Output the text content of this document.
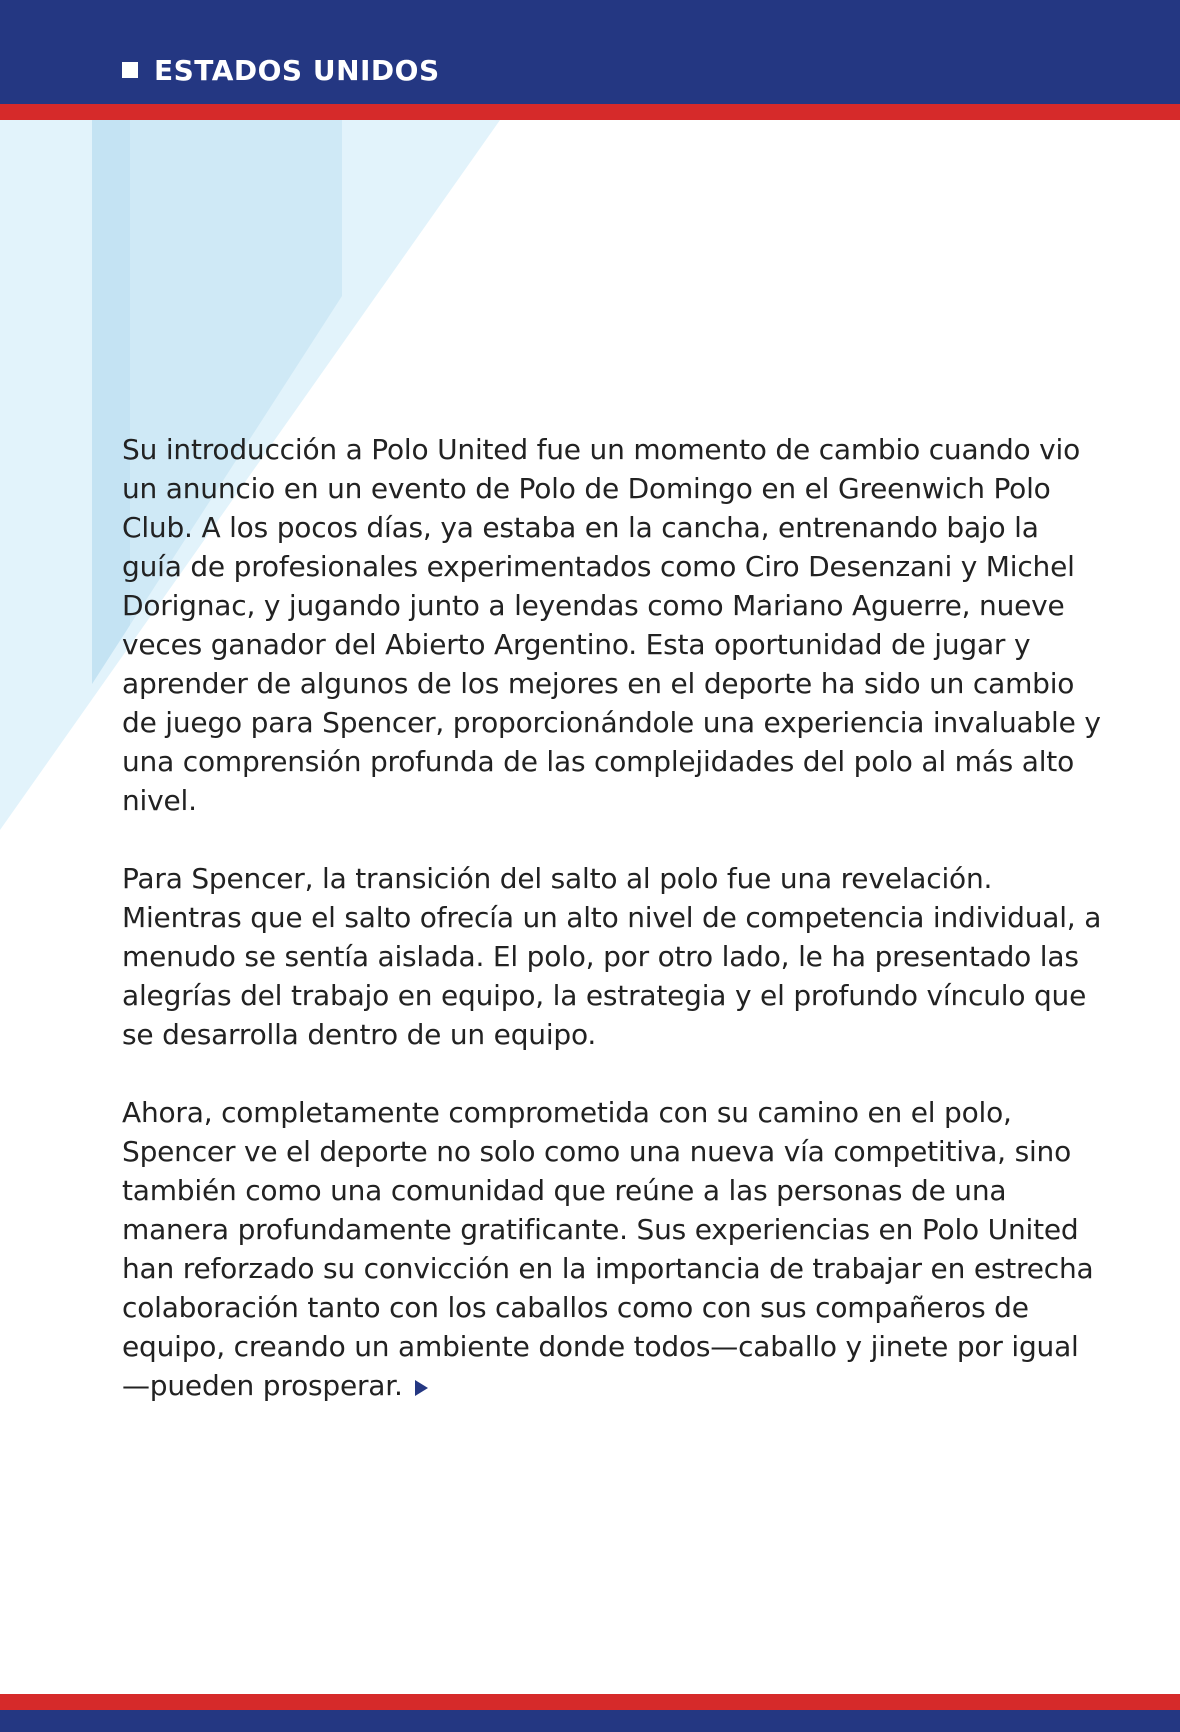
ESTADOS UNIDOS

Su introducción a Polo United fue un momento de cambio cuando vio un anuncio en un evento de Polo de Domingo en el Greenwich Polo Club. A los pocos días, ya estaba en la cancha, entrenando bajo la guía de profesionales experimentados como Ciro Desenzani y Michel Dorignac, y jugando junto a leyendas como Mariano Aguerre, nueve veces ganador del Abierto Argentino. Esta oportunidad de jugar y aprender de algunos de los mejores en el deporte ha sido un cambio de juego para Spencer, proporcionándole una experiencia invaluable y una comprensión profunda de las complejidades del polo al más alto nivel.

Para Spencer, la transición del salto al polo fue una revelación. Mientras que el salto ofrecía un alto nivel de competencia individual, a menudo se sentía aislada. El polo, por otro lado, le ha presentado las alegrías del trabajo en equipo, la estrategia y el profundo vínculo que se desarrolla dentro de un equipo.

Ahora, completamente comprometida con su camino en el polo, Spencer ve el deporte no solo como una nueva vía competitiva, sino también como una comunidad que reúne a las personas de una manera profundamente gratificante. Sus experiencias en Polo United han reforzado su convicción en la importancia de trabajar en estrecha colaboración tanto con los caballos como con sus compañeros de equipo, creando un ambiente donde todos—caballo y jinete por igual—pueden prosperar.
